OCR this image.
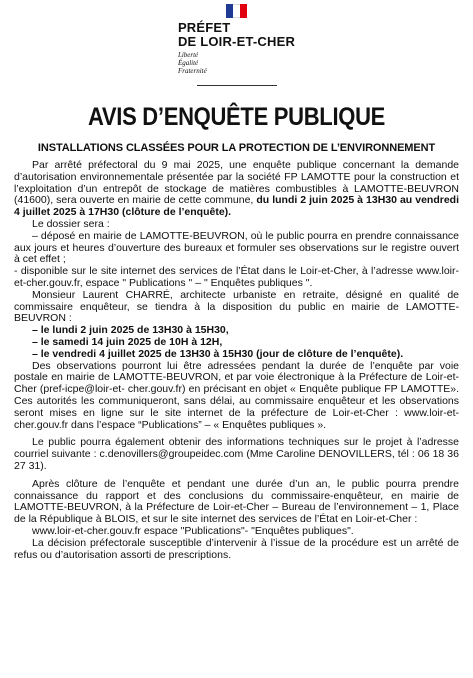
PRÉFET
DE LOIR-ET-CHER
Liberté
Égalité
Fraternité
AVIS D’ENQUÊTE PUBLIQUE
INSTALLATIONS CLASSÉES POUR LA PROTECTION DE L’ENVIRONNEMENT

Par arrêté préfectoral du 9 mai 2025, une enquête publique concernant la demande d’autorisation environnementale présentée par la société FP LAMOTTE pour la construction et l’exploitation d’un entrepôt de stockage de matières combustibles à LAMOTTE-BEUVRON (41600), sera ouverte en mairie de cette commune, du lundi 2 juin 2025 à 13H30 au vendredi 4 juillet 2025 à 17H30 (clôture de l’enquête).

Le dossier sera :

– déposé en mairie de LAMOTTE-BEUVRON, où le public pourra en prendre connaissance aux jours et heures d’ouverture des bureaux et formuler ses observations sur le registre ouvert à cet effet ;

- disponible sur le site internet des services de l’État dans le Loir-et-Cher, à l’adresse www.loir-et-cher.gouv.fr, espace " Publications " – " Enquêtes publiques ".

Monsieur Laurent CHARRÉ, architecte urbaniste en retraite, désigné en qualité de commissaire enquêteur, se tiendra à la disposition du public en mairie de LAMOTTE-BEUVRON :

– le lundi 2 juin 2025 de 13H30 à 15H30,

– le samedi 14 juin 2025 de 10H à 12H,

– le vendredi 4 juillet 2025 de 13H30 à 15H30 (jour de clôture de l’enquête).

Des observations pourront lui être adressées pendant la durée de l’enquête par voie postale en mairie de LAMOTTE-BEUVRON, et par voie électronique à la Préfecture de Loir-et-Cher (pref-icpe@loir-et- cher.gouv.fr) en précisant en objet « Enquête publique FP LAMOTTE». Ces autorités les communiqueront, sans délai, au commissaire enquêteur et les observations seront mises en ligne sur le site internet de la préfecture de Loir-et-Cher : www.loir-et-cher.gouv.fr dans l’espace “Publications” – « Enquêtes publiques ».

Le public pourra également obtenir des informations techniques sur le projet à l’adresse courriel suivante : c.denovillers@groupeidec.com (Mme Caroline DENOVILLERS, tél : 06 18 36 27 31).

Après clôture de l’enquête et pendant une durée d’un an, le public pourra prendre connaissance du rapport et des conclusions du commissaire-enquêteur, en mairie de LAMOTTE-BEUVRON, à la Préfecture de Loir-et-Cher – Bureau de l’environnement – 1, Place de la République à BLOIS, et sur le site internet des services de l’État en Loir-et-Cher :

www.loir-et-cher.gouv.fr espace "Publications"- "Enquêtes publiques".

La décision préfectorale susceptible d’intervenir à l’issue de la procédure est un arrêté de refus ou d’autorisation assorti de prescriptions.
